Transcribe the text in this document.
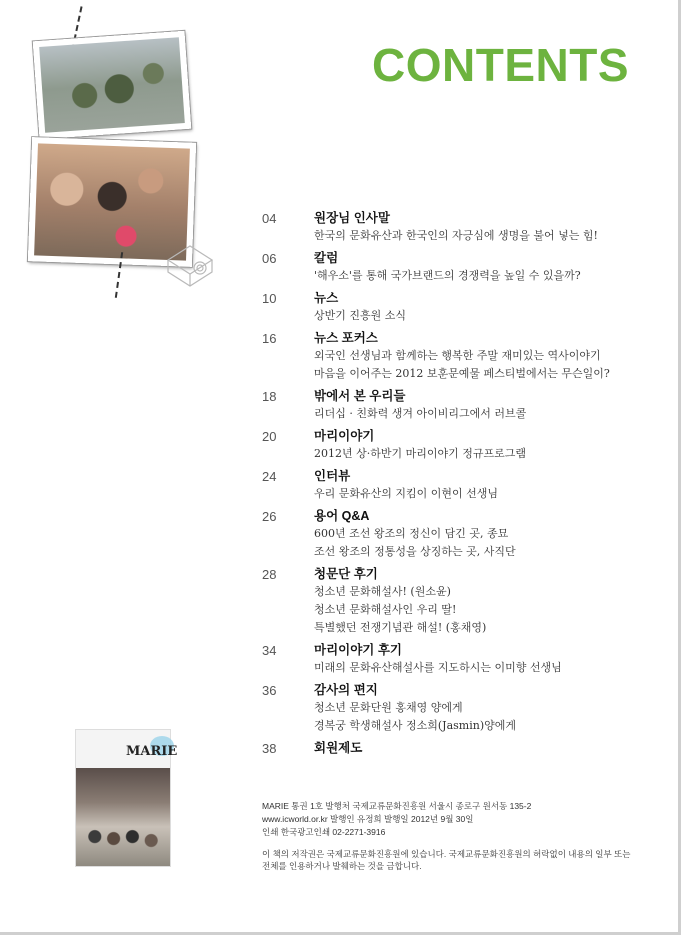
CONTENTS
04	원장님 인사말
한국의 문화유산과 한국인의 자긍심에 생명을 불어 넣는 힘!
06	칼럼
'해우소'를 통해 국가브랜드의 경쟁력을 높일 수 있을까?
10	뉴스
상반기 진흥원 소식
16	뉴스 포커스
외국인 선생님과 함께하는 행복한 주말 재미있는 역사이야기
마음을 이어주는 2012 보훈문예물 페스티벌에서는 무슨일이?
18	밖에서 본 우리들
리더십 · 친화력 생겨 아이비리그에서 러브콜
20	마리이야기
2012년 상·하반기 마리이야기 정규프로그램
24	인터뷰
우리 문화유산의 지킴이 이현이 선생님
26	용어 Q&A
600년 조선 왕조의 정신이 담긴 곳, 종묘
조선 왕조의 정통성을 상징하는 곳, 사직단
28	청문단 후기
청소년 문화해설사! (원소윤)
청소년 문화해설사인 우리 딸!
특별했던 전쟁기념관 해설! (홍채영)
34	마리이야기 후기
미래의 문화유산해설사를 지도하시는 이미향 선생님
36	감사의 편지
청소년 문화단원 홍채영 양에게
경복궁 학생해설사 정소희(Jasmin)양에게
38	회원제도
MARIE
MARIE 통권 1호 발행처 국제교류문화진흥원 서울시 종로구 원서동 135-2
www.icworld.or.kr 발행인 유정희 발행일 2012년 9월 30일
인쇄 한국광고인쇄 02-2271-3916
이 책의 저작권은 국제교류문화진흥원에 있습니다. 국제교류문화진흥원의 허락없이 내용의 일부 또는 전체를 인용하거나 발췌하는 것을 금합니다.
